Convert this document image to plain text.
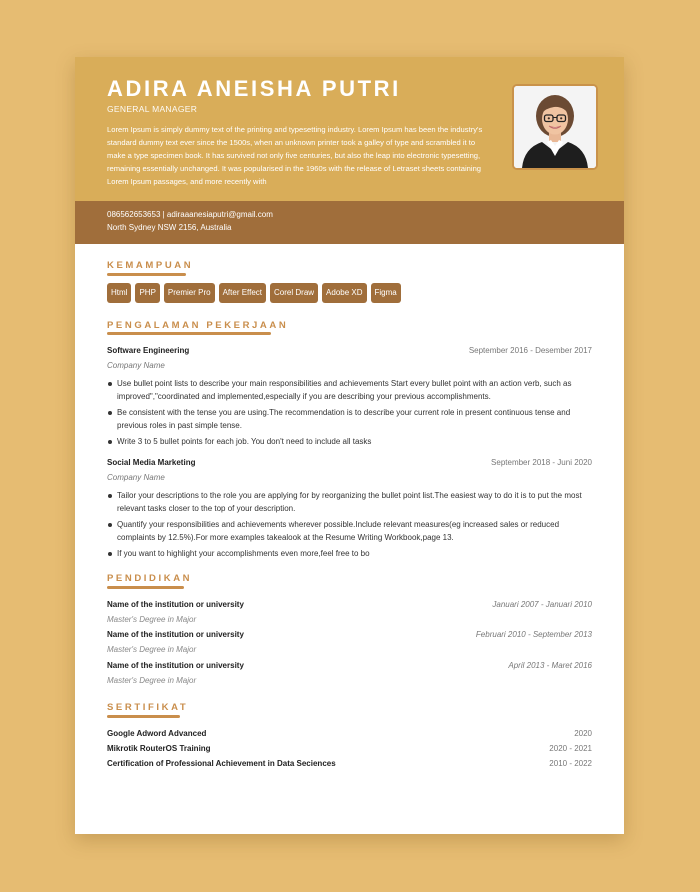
ADIRA ANEISHA PUTRI
GENERAL MANAGER
Lorem Ipsum is simply dummy text of the printing and typesetting industry. Lorem Ipsum has been the industry's standard dummy text ever since the 1500s, when an unknown printer took a galley of type and scrambled it to make a type specimen book. It has survived not only five centuries, but also the leap into electronic typesetting, remaining essentially unchanged. It was popularised in the 1960s with the release of Letraset sheets containing Lorem Ipsum passages, and more recently with
086562653653 | adiraaanesiaputri@gmail.com
North Sydney NSW 2156, Australia
KEMAMPUAN
Html	PHP	Premier Pro	After Effect	Corel Draw	Adobe XD	Figma
PENGALAMAN PEKERJAAN
Software Engineering	September 2016 - Desember 2017
Company Name
Use bullet point lists to describe your main responsibilities and achievements Start every bullet point with an action verb, such as improved","coordinated and implemented,especially if you are describing your previous accomplishments.
Be consistent with the tense you are using.The recommendation is to describe your current role in present continuous tense and previous roles in past simple tense.
Write 3 to 5 bullet points for each job. You don't need to include all tasks
Social Media Marketing	September 2018 - Juni 2020
Company Name
Tailor your descriptions to the role you are applying for by reorganizing the bullet point list.The easiest way to do it is to put the most relevant tasks closer to the top of your description.
Quantify your responsibilities and achievements wherever possible.Include relevant measures(eg increased sales or reduced complaints by 12.5%).For more examples takealook at the Resume Writing Workbook,page 13.
If you want to highlight your accomplishments even more,feel free to bo
PENDIDIKAN
Name of the institution or university	Januari 2007 - Januari 2010
Master's Degree in Major
Name of the institution or university	Februari 2010 - September 2013
Master's Degree in Major
Name of the institution or university	April 2013 - Maret 2016
Master's Degree in Major
SERTIFIKAT
Google Adword Advanced	2020
Mikrotik RouterOS Training	2020 - 2021
Certification of Professional Achievement in Data Seciences	2010 - 2022
